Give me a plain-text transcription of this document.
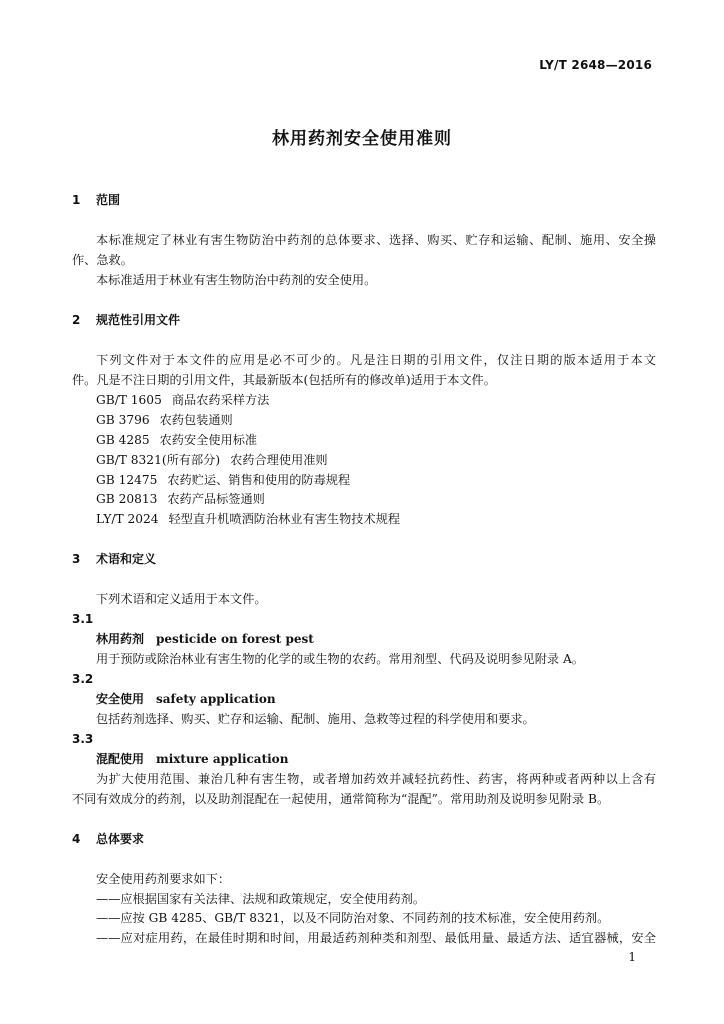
LY/T 2648—2016
林用药剂安全使用准则
1 范围
本标准规定了林业有害生物防治中药剂的总体要求、选择、购买、贮存和运输、配制、施用、安全操
作、急救。
本标准适用于林业有害生物防治中药剂的安全使用。
2 规范性引用文件
下列文件对于本文件的应用是必不可少的。凡是注日期的引用文件，仅注日期的版本适用于本文
件。凡是不注日期的引用文件，其最新版本(包括所有的修改单)适用于本文件。
GB/T 1605 商品农药采样方法
GB 3796 农药包装通则
GB 4285 农药安全使用标准
GB/T 8321(所有部分) 农药合理使用准则
GB 12475 农药贮运、销售和使用的防毒规程
GB 20813 农药产品标签通则
LY/T 2024 轻型直升机喷洒防治林业有害生物技术规程
3 术语和定义
下列术语和定义适用于本文件。
3.1
林用药剂 pesticide on forest pest
用于预防或除治林业有害生物的化学的或生物的农药。常用剂型、代码及说明参见附录 A。
3.2
安全使用 safety application
包括药剂选择、购买、贮存和运输、配制、施用、急救等过程的科学使用和要求。
3.3
混配使用 mixture application
为扩大使用范围、兼治几种有害生物，或者增加药效并减轻抗药性、药害，将两种或者两种以上含有
不同有效成分的药剂，以及助剂混配在一起使用，通常简称为“混配”。常用助剂及说明参见附录 B。
4 总体要求
安全使用药剂要求如下：
——应根据国家有关法律、法规和政策规定，安全使用药剂。
——应按 GB 4285、GB/T 8321，以及不同防治对象、不同药剂的技术标准，安全使用药剂。
——应对症用药，在最佳时期和时间，用最适药剂种类和剂型、最低用量、最适方法、适宜器械，安全
1
